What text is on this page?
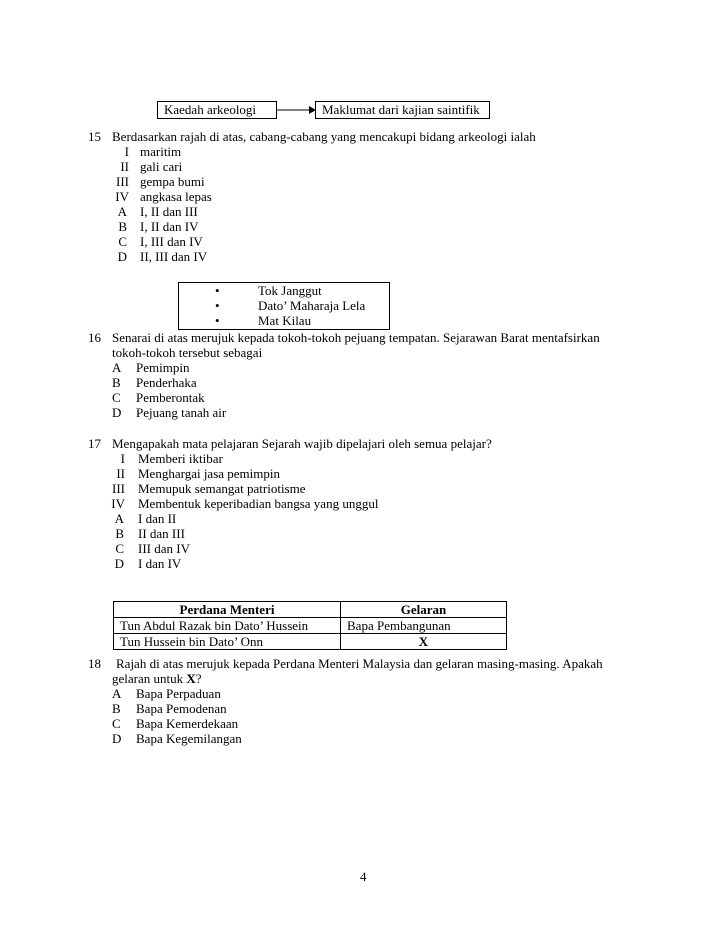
Kaedah arkeologi	Maklumat dari kajian saintifik
15 Berdasarkan rajah di atas, cabang-cabang yang mencakupi bidang arkeologi ialah
I maritim
II gali cari
III gempa bumi
IV angkasa lepas
A I, II dan III
B I, II dan IV
C I, III dan IV
D II, III dan IV
•	Tok Janggut
•	Dato’ Maharaja Lela
•	Mat Kilau
16 Senarai di atas merujuk kepada tokoh-tokoh pejuang tempatan. Sejarawan Barat mentafsirkan
tokoh-tokoh tersebut sebagai
A Pemimpin
B Penderhaka
C Pemberontak
D Pejuang tanah air
17 Mengapakah mata pelajaran Sejarah wajib dipelajari oleh semua pelajar?
I Memberi iktibar
II Menghargai jasa pemimpin
III Memupuk semangat patriotisme
IV Membentuk keperibadian bangsa yang unggul
A I dan II
B II dan III
C III dan IV
D I dan IV
Perdana Menteri	Gelaran
Tun Abdul Razak bin Dato’ Hussein	Bapa Pembangunan
Tun Hussein bin Dato’ Onn	X
18 Rajah di atas merujuk kepada Perdana Menteri Malaysia dan gelaran masing-masing. Apakah
gelaran untuk X?
A Bapa Perpaduan
B Bapa Pemodenan
C Bapa Kemerdekaan
D Bapa Kegemilangan
4
